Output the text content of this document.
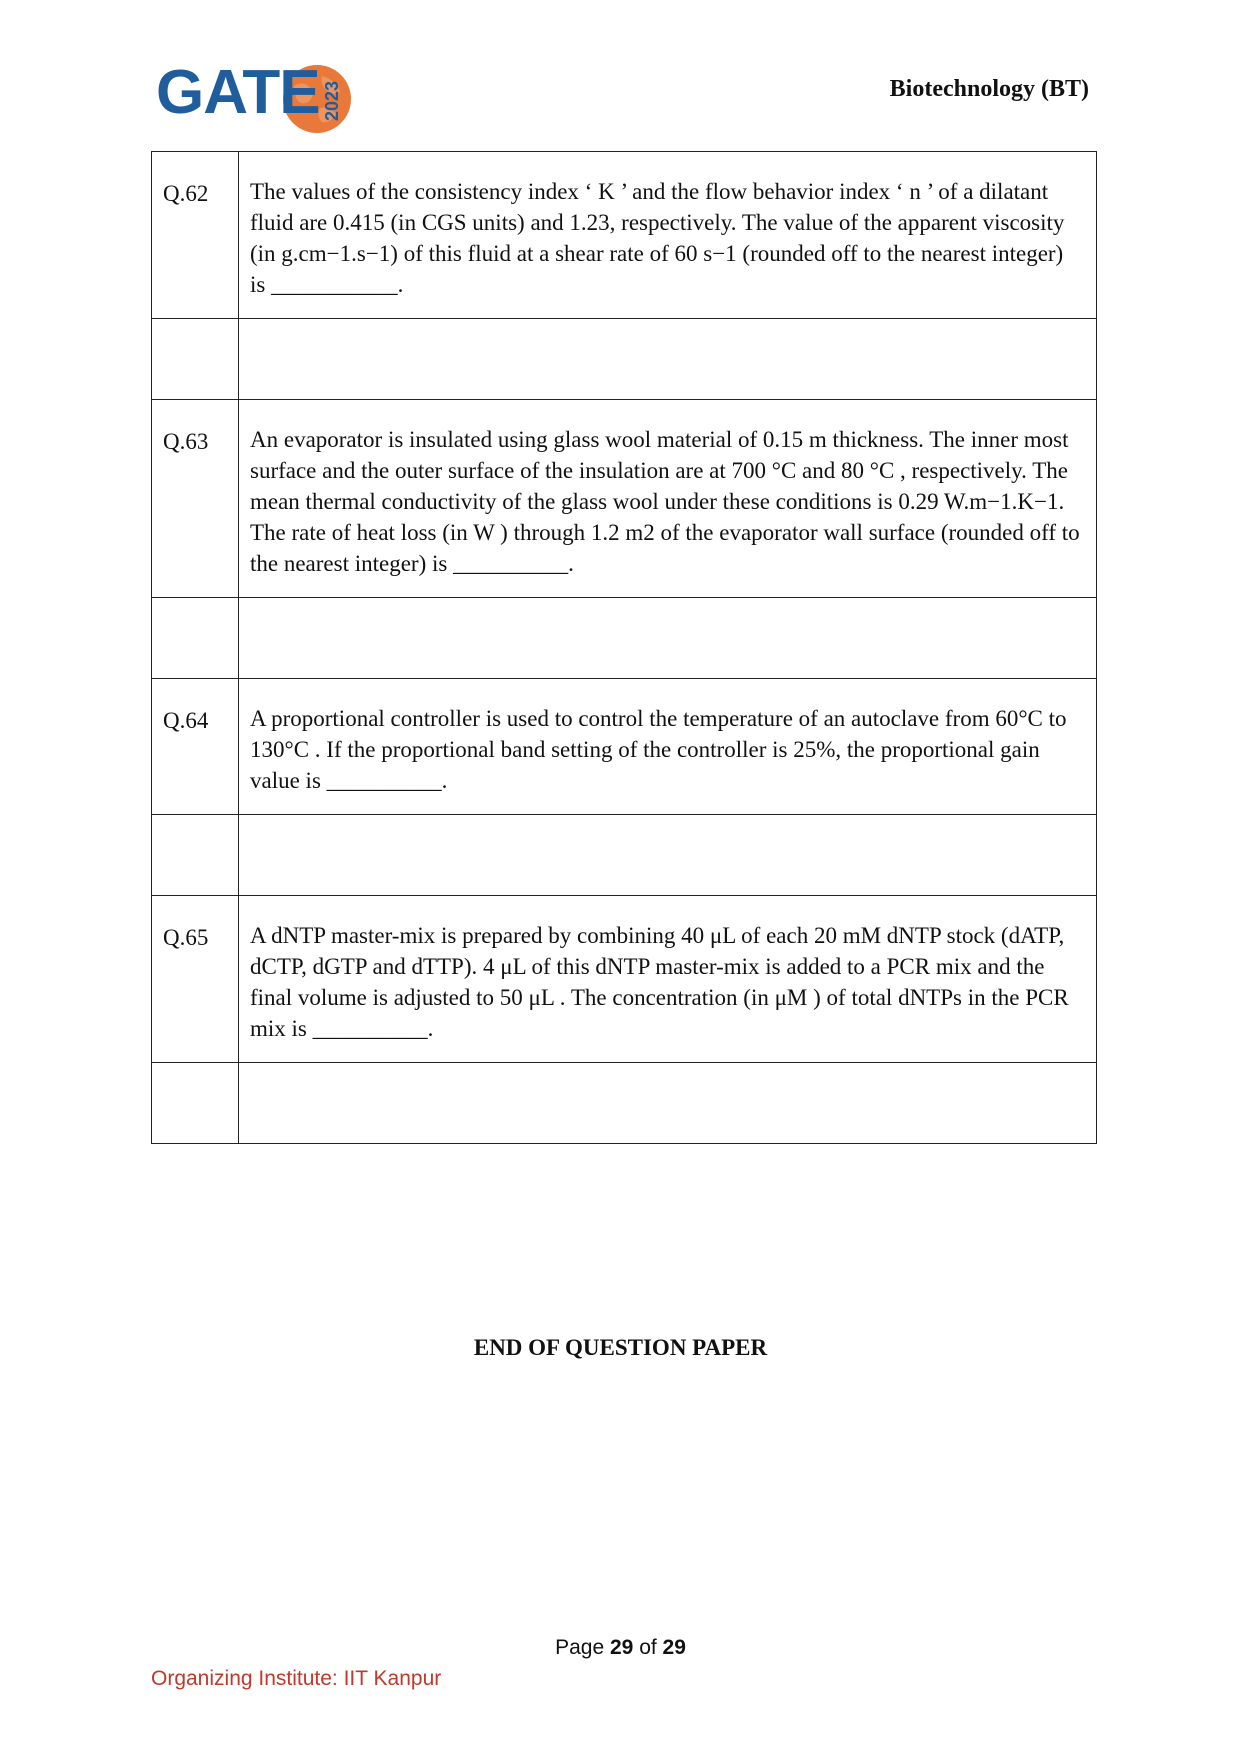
GATE 2023	Biotechnology (BT)
Q.62	The values of the consistency index ‘ K ’ and the flow behavior index ‘ n ’ of a dilatant fluid are 0.415 (in CGS units) and 1.23, respectively. The value of the apparent viscosity (in g.cm−1.s−1) of this fluid at a shear rate of 60 s−1 (rounded off to the nearest integer) is ___________.

Q.63	An evaporator is insulated using glass wool material of 0.15 m thickness. The inner most surface and the outer surface of the insulation are at 700 °C and 80 °C , respectively. The mean thermal conductivity of the glass wool under these conditions is 0.29 W.m−1.K−1. The rate of heat loss (in W ) through 1.2 m2 of the evaporator wall surface (rounded off to the nearest integer) is __________.

Q.64	A proportional controller is used to control the temperature of an autoclave from 60°C to 130°C . If the proportional band setting of the controller is 25%, the proportional gain value is __________.

Q.65	A dNTP master-mix is prepared by combining 40 μL of each 20 mM dNTP stock (dATP, dCTP, dGTP and dTTP). 4 μL of this dNTP master-mix is added to a PCR mix and the final volume is adjusted to 50 μL . The concentration (in μM ) of total dNTPs in the PCR mix is __________.

END OF QUESTION PAPER
Page 29 of 29
Organizing Institute: IIT Kanpur
